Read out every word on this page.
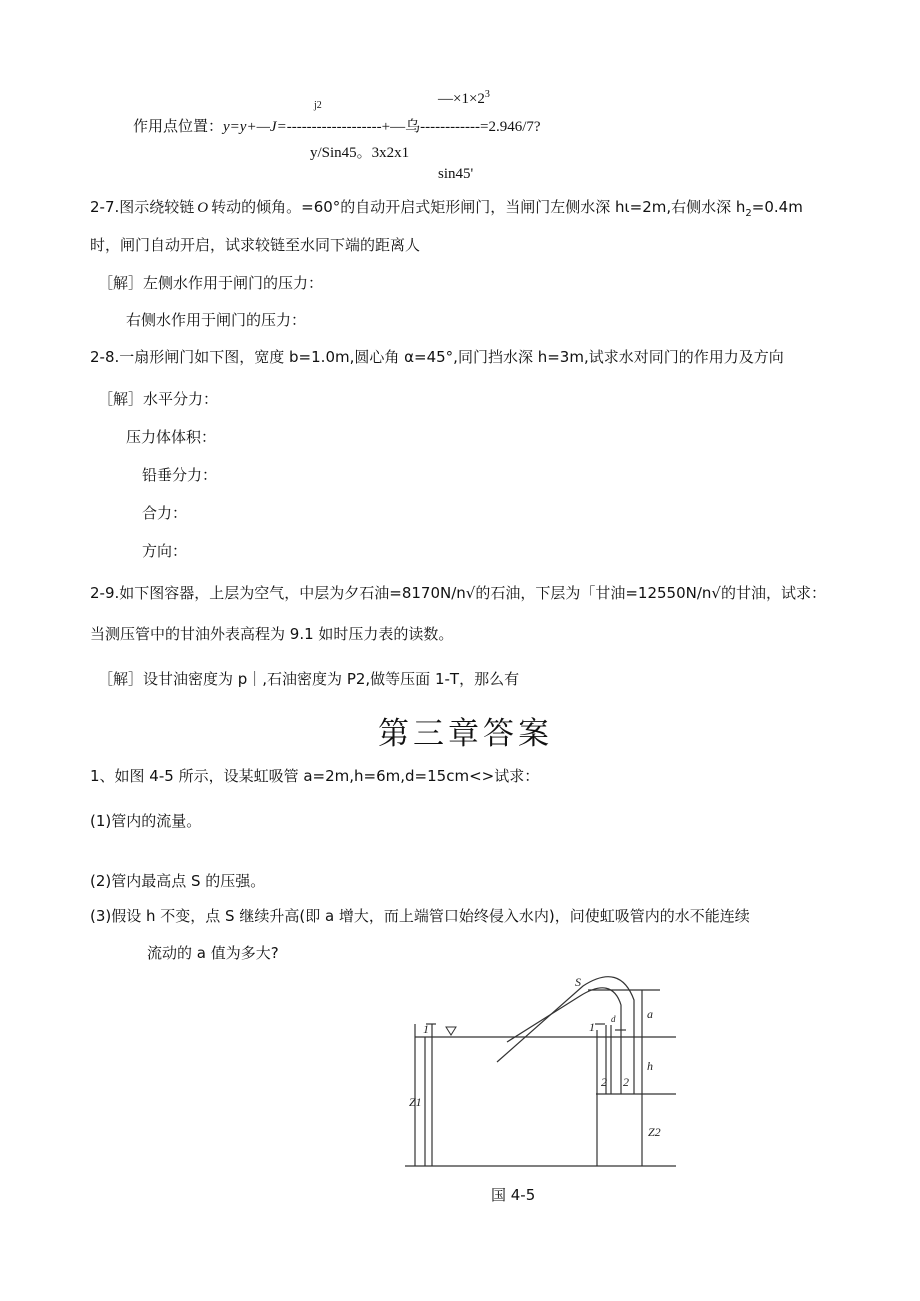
j2	$—\times 1\times 2^3$
作用点位置：y=y+—J=-------------------+—乌------------=2.946/7?
y/Sin45。3x2x1
sin45'
2-7.图示绕较链 O 转动的倾角。=60°的自动开启式矩形闸门，当闸门左侧水深 hι=2m,右侧水深 $h_2=0.4m$
时，闸门自动开启，试求较链至水同下端的距离人
［解］左侧水作用于闸门的压力：
右侧水作用于闸门的压力：
2-8.一扇形闸门如下图，宽度 b=1.0m,圆心角 α=45°,同门挡水深 h=3m,试求水对同门的作用力及方向
［解］水平分力：
压力体体积：
铅垂分力：
合力：
方向：
2-9.如下图容器，上层为空气，中层为夕石油=8170N∕n√的石油，下层为「甘油=12550N∕n√的甘油，试求：
当测压管中的甘油外表高程为 9.1 如时压力表的读数。
［解］设甘油密度为 p｜,石油密度为 P2,做等压面 1-T，那么有
第三章答案
1、如图 4-5 所示，设某虹吸管 a=2m,h=6m,d=15cm<>试求：
(1)管内的流量。
(2)管内最高点 S 的压强。
(3)假设 h 不变，点 S 继续升高(即 a 增大，而上端管口始终侵入水内)，问使虹吸管内的水不能连续
流动的 a 值为多大?
S
1	1
2 2
a
h
d
Z1
Z2
国 4-5
